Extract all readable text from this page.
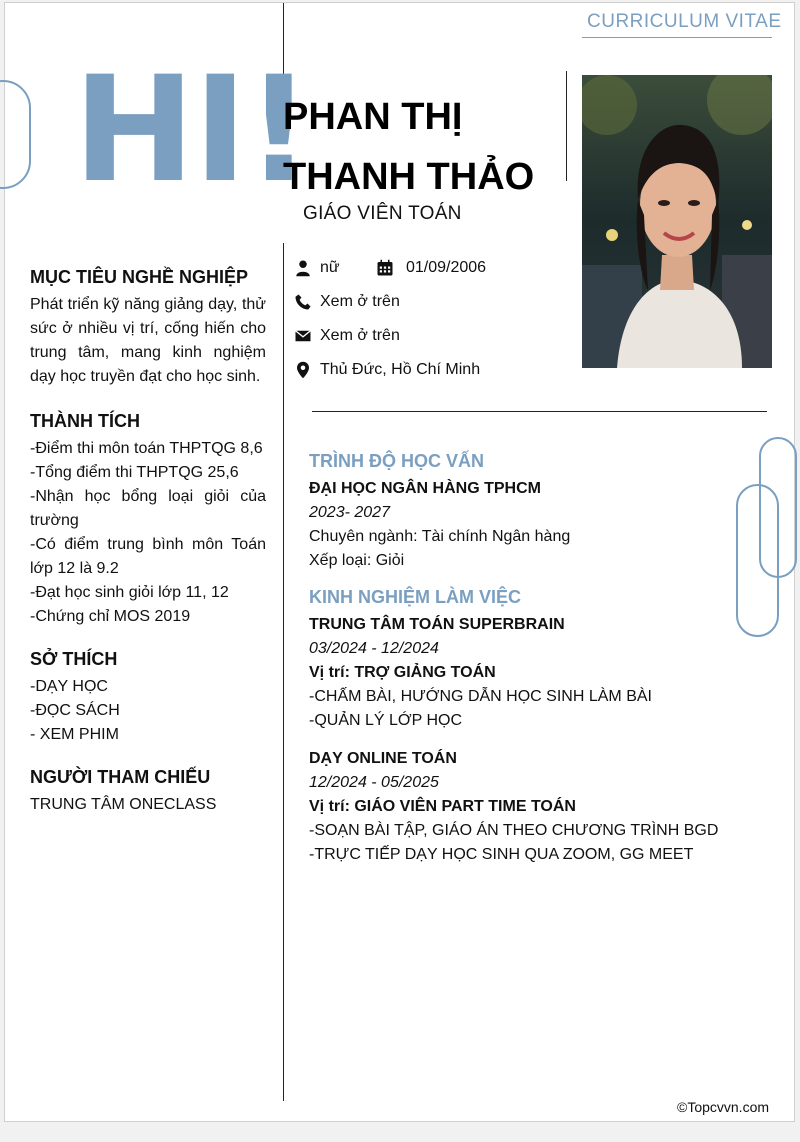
CURRICULUM VITAE
HI!
PHAN THỊ
THANH THẢO
GIÁO VIÊN TOÁN
nữ	01/09/2006
Xem ở trên
Xem ở trên
Thủ Đức, Hồ Chí Minh
MỤC TIÊU NGHỀ NGHIỆP
Phát triển kỹ năng giảng dạy, thử sức ở nhiều vị trí, cống hiến cho trung tâm, mang kinh nghiệm dạy học truyền đạt cho học sinh.
THÀNH TÍCH
-Điểm thi môn toán THPTQG 8,6
-Tổng điểm thi THPTQG 25,6
-Nhận học bổng loại giỏi của trường
-Có điểm trung bình môn Toán lớp 12 là 9.2
-Đạt học sinh giỏi lớp 11, 12
-Chứng chỉ MOS 2019
SỞ THÍCH
-DẠY HỌC
-ĐỌC SÁCH
- XEM PHIM
NGƯỜI THAM CHIẾU
TRUNG TÂM ONECLASS
TRÌNH ĐỘ HỌC VẤN
ĐẠI HỌC NGÂN HÀNG TPHCM
2023- 2027
Chuyên ngành: Tài chính Ngân hàng
Xếp loại: Giỏi
KINH NGHIỆM LÀM VIỆC
TRUNG TÂM TOÁN SUPERBRAIN
03/2024 - 12/2024
Vị trí: TRỢ GIẢNG TOÁN
-CHẤM BÀI, HƯỚNG DẪN HỌC SINH LÀM BÀI
-QUẢN LÝ LỚP HỌC
DẠY ONLINE TOÁN
12/2024 - 05/2025
Vị trí: GIÁO VIÊN PART TIME TOÁN
-SOẠN BÀI TẬP, GIÁO ÁN THEO CHƯƠNG TRÌNH BGD
-TRỰC TIẾP DẠY HỌC SINH QUA ZOOM, GG MEET
©Topcvvn.com
